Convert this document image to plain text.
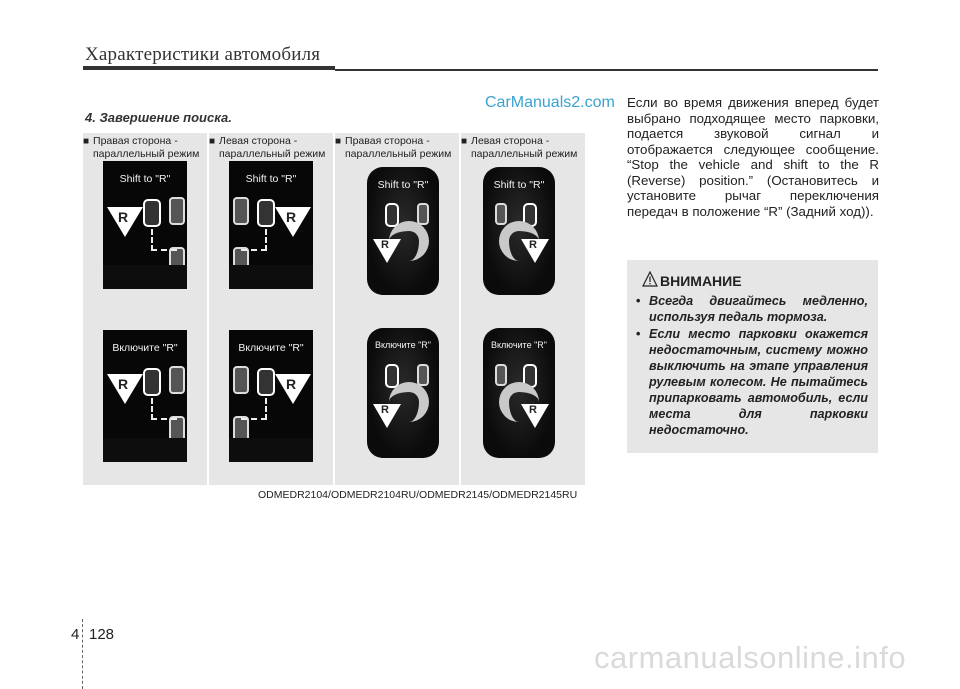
Характеристики автомобиля
CarManuals2.com
4. Завершение поиска.
■ Правая сторона -
параллельный режим
Shift to "R"
R
Включите "R"
R
■ Левая сторона -
параллельный режим
Shift to "R"
R
Включите "R"
R
■ Правая сторона -
параллельный режим
Shift to "R"
R
Включите "R"
R
■ Левая сторона -
параллельный режим
Shift to "R"
R
Включите "R"
R
ODMEDR2104/ODMEDR2104RU/ODMEDR2145/ODMEDR2145RU
Если во время движения вперед будет выбрано подходящее место парковки, подается звуковой сигнал и отображается следующее сообщение. “Stop the vehicle and shift to the R (Reverse) position.” (Остановитесь и установите рычаг переключения передач в положение “R” (Задний ход)).
ВНИМАНИЕ
• Всегда двигайтесь медленно, используя педаль тормоза.
• Если место парковки окажется недостаточным, систему можно выключить на этапе управления рулевым колесом. Не пытайтесь припарковать автомобиль, если места для парковки недостаточно.
4 128
carmanualsonline.info
